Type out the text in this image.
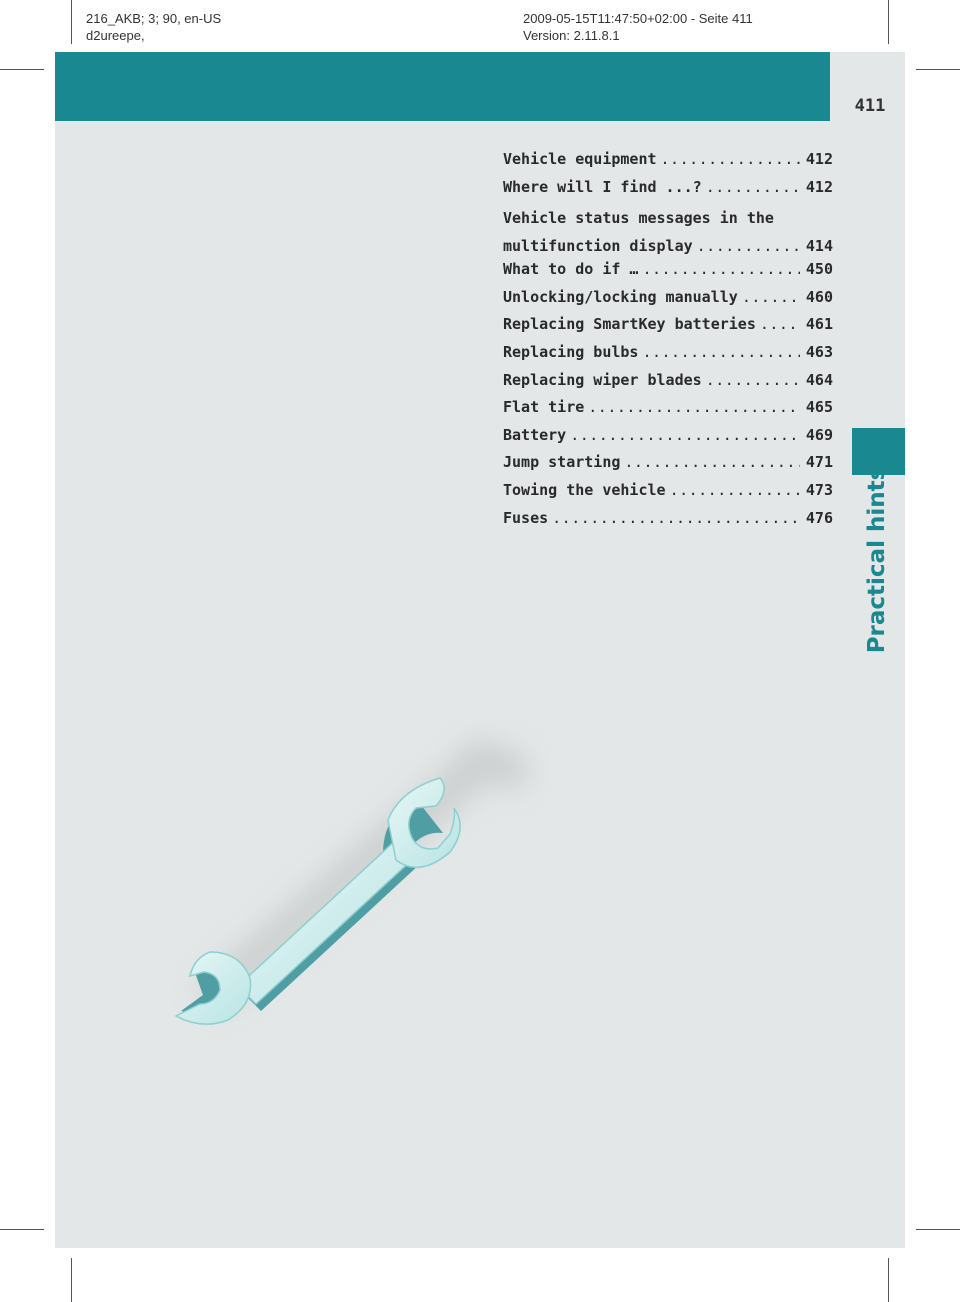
216_AKB; 3; 90, en-US
d2ureepe,
2009-05-15T11:47:50+02:00 - Seite 411
Version: 2.11.8.1
411
Practical hints
Vehicle equipment .....	412
Where will I find ...? .....	412
Vehicle status messages in the
multifunction display .....	414
What to do if … .....	450
Unlocking/locking manually .....	460
Replacing SmartKey batteries .....	461
Replacing bulbs .....	463
Replacing wiper blades .....	464
Flat tire .....	465
Battery .....	469
Jump starting .....	471
Towing the vehicle .....	473
Fuses .....	476
